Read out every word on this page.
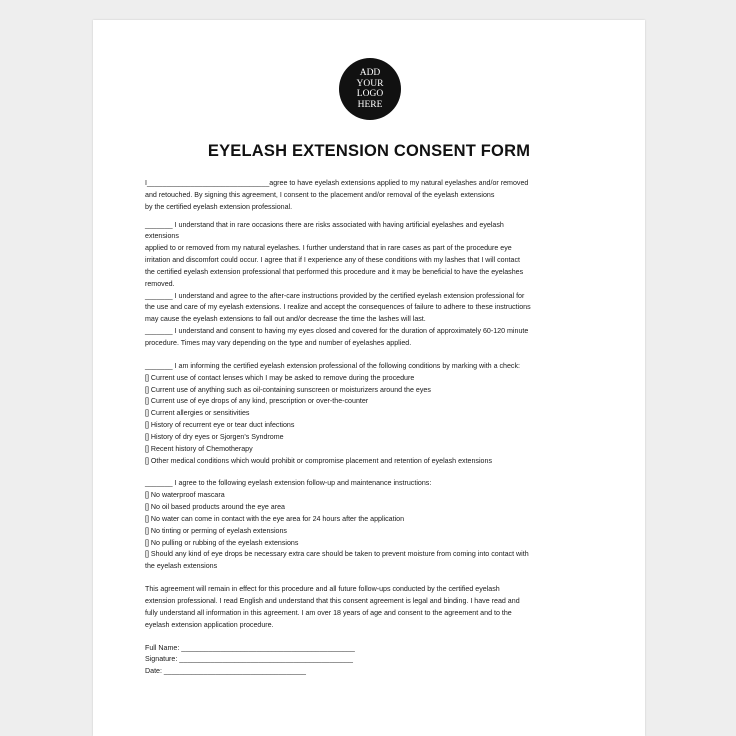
ADD
YOUR
LOGO
HERE
EYELASH EXTENSION CONSENT FORM
I_______________________________agree to have eyelash extensions applied to my natural eyelashes and/or removed
and retouched. By signing this agreement, I consent to the placement and/or removal of the eyelash extensions
by the certified eyelash extension professional.
_______ I understand that in rare occasions there are risks associated with having artificial eyelashes and eyelash
extensions
applied to or removed from my natural eyelashes. I further understand that in rare cases as part of the procedure eye
irritation and discomfort could occur. I agree that if I experience any of these conditions with my lashes that I will contact
the certified eyelash extension professional that performed this procedure and it may be beneficial to have the eyelashes
removed.
_______ I understand and agree to the after-care instructions provided by the certified eyelash extension professional for
the use and care of my eyelash extensions. I realize and accept the consequences of failure to adhere to these instructions
may cause the eyelash extensions to fall out and/or decrease the time the lashes will last.
_______ I understand and consent to having my eyes closed and covered for the duration of approximately 60-120 minute
procedure. Times may vary depending on the type and number of eyelashes applied.
_______ I am informing the certified eyelash extension professional of the following conditions by marking with a check:
[] Current use of contact lenses which I may be asked to remove during the procedure
[] Current use of anything such as oil-containing sunscreen or moisturizers around the eyes
[] Current use of eye drops of any kind, prescription or over-the-counter
[] Current allergies or sensitivities
[] History of recurrent eye or tear duct infections
[] History of dry eyes or Sjorgen's Syndrome
[] Recent history of Chemotherapy
[] Other medical conditions which would prohibit or compromise placement and retention of eyelash extensions
_______ I agree to the following eyelash extension follow-up and maintenance instructions:
[] No waterproof mascara
[] No oil based products around the eye area
[] No water can come in contact with the eye area for 24 hours after the application
[] No tinting or perming of eyelash extensions
[] No pulling or rubbing of the eyelash extensions
[] Should any kind of eye drops be necessary extra care should be taken to prevent moisture from coming into contact with
the eyelash extensions
This agreement will remain in effect for this procedure and all future follow-ups conducted by the certified eyelash
extension professional. I read English and understand that this consent agreement is legal and binding. I have read and
fully understand all information in this agreement. I am over 18 years of age and consent to the agreement and to the
eyelash extension application procedure.
Full Name: ____________________________________________
Signature: ____________________________________________
Date: ____________________________________
